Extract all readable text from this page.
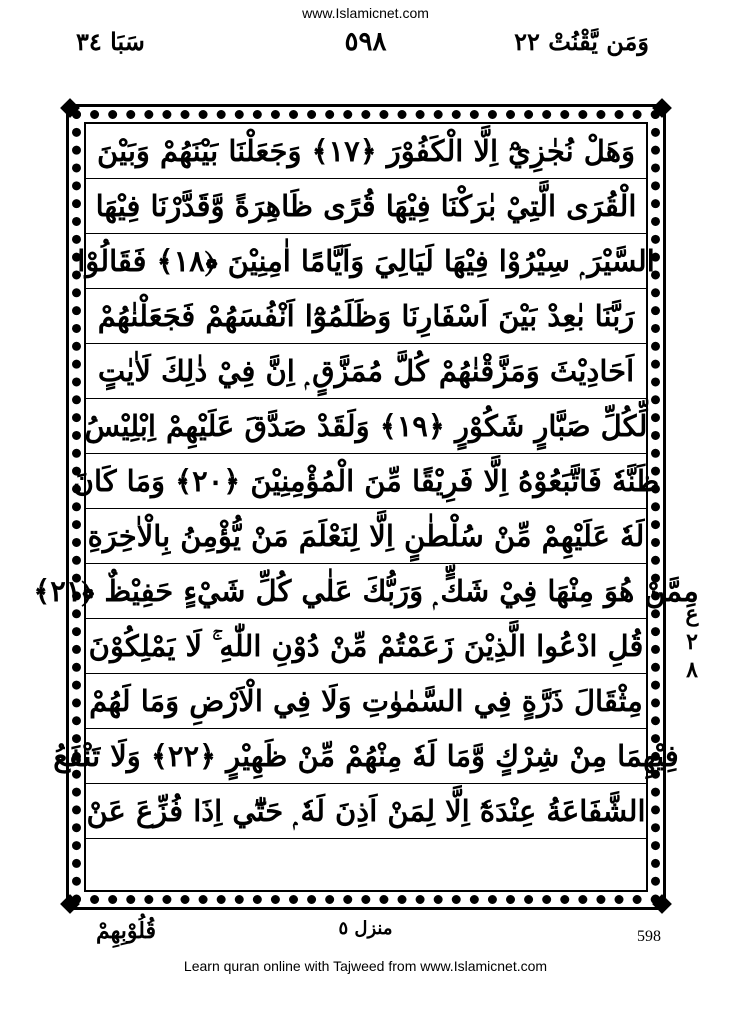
www.Islamicnet.com
سَبَا ٣٤	٥٩٨	وَمَن يَّقْنُتْ ٢٢
وَهَلْ نُجٰزِيْٓ اِلَّا الْكَفُوْرَ ﴿١٧﴾ وَجَعَلْنَا بَيْنَهُمْ وَبَيْنَ
الْقُرَى الَّتِيْ بٰرَكْنَا فِيْهَا قُرًى ظَاهِرَةً وَّقَدَّرْنَا فِيْهَا
السَّيْرَ ۭ سِيْرُوْا فِيْهَا لَيَالِيَ وَاَيَّامًا اٰمِنِيْنَ ﴿١٨﴾ فَقَالُوْا
رَبَّنَا بٰعِدْ بَيْنَ اَسْفَارِنَا وَظَلَمُوْٓا اَنْفُسَهُمْ فَجَعَلْنٰهُمْ
اَحَادِيْثَ وَمَزَّقْنٰهُمْ كُلَّ مُمَزَّقٍ ۭ اِنَّ فِيْ ذٰلِكَ لَاٰيٰتٍ
لِّكُلِّ صَبَّارٍ شَكُوْرٍ ﴿١٩﴾ وَلَقَدْ صَدَّقَ عَلَيْهِمْ اِبْلِيْسُ
ظَنَّهٗ فَاتَّبَعُوْهُ اِلَّا فَرِيْقًا مِّنَ الْمُؤْمِنِيْنَ ﴿٢٠﴾ وَمَا كَانَ
لَهٗ عَلَيْهِمْ مِّنْ سُلْطٰنٍ اِلَّا لِنَعْلَمَ مَنْ يُّؤْمِنُ بِالْاٰخِرَةِ
مِمَّنْ هُوَ مِنْهَا فِيْ شَكٍّ ۭ وَرَبُّكَ عَلٰي كُلِّ شَيْءٍ حَفِيْظٌ ﴿٢١﴾
قُلِ ادْعُوا الَّذِيْنَ زَعَمْتُمْ مِّنْ دُوْنِ اللّٰهِ ۚ لَا يَمْلِكُوْنَ
مِثْقَالَ ذَرَّةٍ فِي السَّمٰوٰتِ وَلَا فِي الْاَرْضِ وَمَا لَهُمْ
فِيْهِمَا مِنْ شِرْكٍ وَّمَا لَهٗ مِنْهُمْ مِّنْ ظَهِيْرٍ ﴿٢٢﴾ وَلَا تَنْفَعُ
الشَّفَاعَةُ عِنْدَهٗٓ اِلَّا لِمَنْ اَذِنَ لَهٗ ۭ حَتّٰٓي اِذَا فُزِّعَ عَنْ
ع ٢ ٨
قُلُوْبِهِمْ	منزل ٥	598
Learn quran online with Tajweed from www.Islamicnet.com
